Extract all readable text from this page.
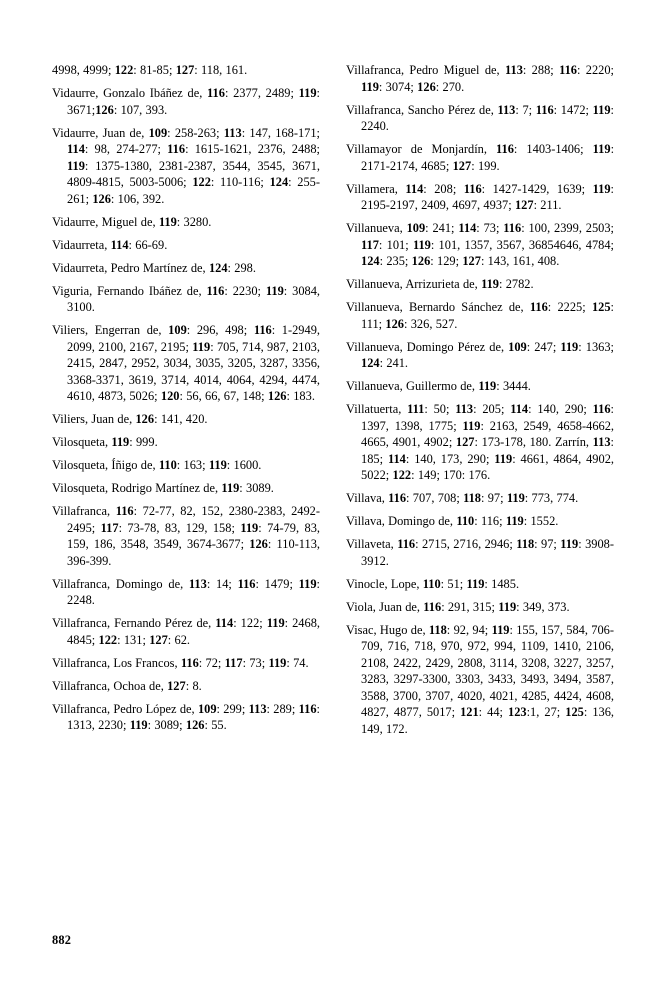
4998, 4999; 122: 81-85; 127: 118, 161.

Vidaurre, Gonzalo Ibáñez de, 116: 2377, 2489; 119: 3671;126: 107, 393.

Vidaurre, Juan de, 109: 258-263; 113: 147, 168-171; 114: 98, 274-277; 116: 1615-1621, 2376, 2488; 119: 1375-1380, 2381-2387, 3544, 3545, 3671, 4809-4815, 5003-5006; 122: 110-116; 124: 255-261; 126: 106, 392.

Vidaurre, Miguel de, 119: 3280.

Vidaurreta, 114: 66-69.

Vidaurreta, Pedro Martínez de, 124: 298.

Viguria, Fernando Ibáñez de, 116: 2230; 119: 3084, 3100.

Viliers, Engerran de, 109: 296, 498; 116: 1-2949, 2099, 2100, 2167, 2195; 119: 705, 714, 987, 2103, 2415, 2847, 2952, 3034, 3035, 3205, 3287, 3356, 3368-3371, 3619, 3714, 4014, 4064, 4294, 4474, 4610, 4873, 5026; 120: 56, 66, 67, 148; 126: 183.

Viliers, Juan de, 126: 141, 420.

Vilosqueta, 119: 999.

Vilosqueta, Íñigo de, 110: 163; 119: 1600.

Vilosqueta, Rodrigo Martínez de, 119: 3089.

Villafranca, 116: 72-77, 82, 152, 2380-2383, 2492-2495; 117: 73-78, 83, 129, 158; 119: 74-79, 83, 159, 186, 3548, 3549, 3674-3677; 126: 110-113, 396-399.

Villafranca, Domingo de, 113: 14; 116: 1479; 119: 2248.

Villafranca, Fernando Pérez de, 114: 122; 119: 2468, 4845; 122: 131; 127: 62.

Villafranca, Los Francos, 116: 72; 117: 73; 119: 74.

Villafranca, Ochoa de, 127: 8.

Villafranca, Pedro López de, 109: 299; 113: 289; 116: 1313, 2230; 119: 3089; 126: 55.

Villafranca, Pedro Miguel de, 113: 288; 116: 2220; 119: 3074; 126: 270.

Villafranca, Sancho Pérez de, 113: 7; 116: 1472; 119: 2240.

Villamayor de Monjardín, 116: 1403-1406; 119: 2171-2174, 4685; 127: 199.

Villamera, 114: 208; 116: 1427-1429, 1639; 119: 2195-2197, 2409, 4697, 4937; 127: 211.

Villanueva, 109: 241; 114: 73; 116: 100, 2399, 2503; 117: 101; 119: 101, 1357, 3567, 36854646, 4784; 124: 235; 126: 129; 127: 143, 161, 408.

Villanueva, Arrizurieta de, 119: 2782.

Villanueva, Bernardo Sánchez de, 116: 2225; 125: 111; 126: 326, 527.

Villanueva, Domingo Pérez de, 109: 247; 119: 1363; 124: 241.

Villanueva, Guillermo de, 119: 3444.

Villatuerta, 111: 50; 113: 205; 114: 140, 290; 116: 1397, 1398, 1775; 119: 2163, 2549, 4658-4662, 4665, 4901, 4902; 127: 173-178, 180. Zarrín, 113: 185; 114: 140, 173, 290; 119: 4661, 4864, 4902, 5022; 122: 149; 170: 176.

Villava, 116: 707, 708; 118: 97; 119: 773, 774.

Villava, Domingo de, 110: 116; 119: 1552.

Villaveta, 116: 2715, 2716, 2946; 118: 97; 119: 3908-3912.

Vinocle, Lope, 110: 51; 119: 1485.

Viola, Juan de, 116: 291, 315; 119: 349, 373.

Visac, Hugo de, 118: 92, 94; 119: 155, 157, 584, 706-709, 716, 718, 970, 972, 994, 1109, 1410, 2106, 2108, 2422, 2429, 2808, 3114, 3208, 3227, 3257, 3283, 3297-3300, 3303, 3433, 3493, 3494, 3587, 3588, 3700, 3707, 4020, 4021, 4285, 4424, 4608, 4827, 4877, 5017; 121: 44; 123:1, 27; 125: 136, 149, 172.

882
